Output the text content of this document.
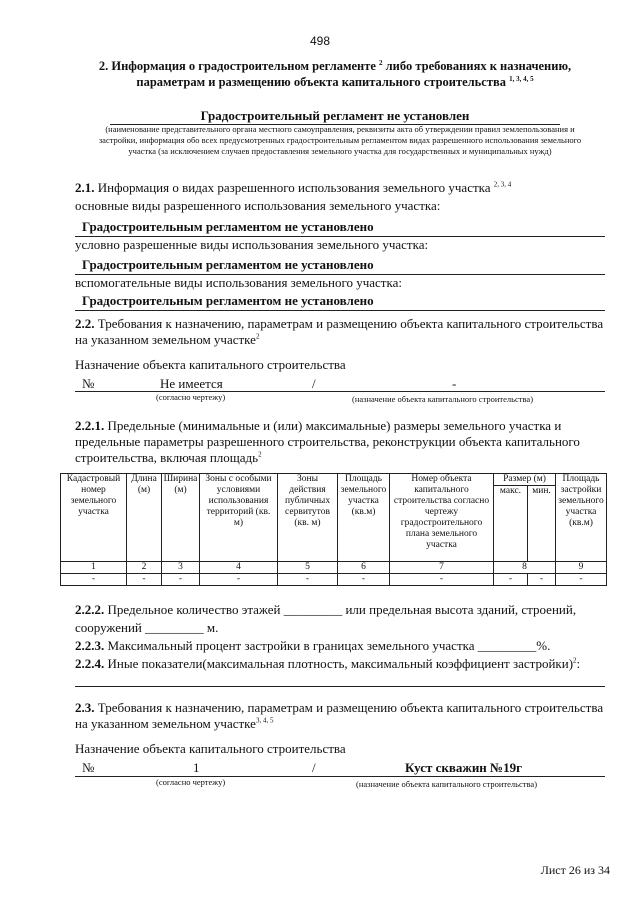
498
2. Информация о градостроительном регламенте $^2$ либо требованиях к назначению, параметрам и размещению объекта капитального строительства $^{1, 3, 4, 5}$
Градостроительный регламент не установлен
(наименование представительного органа местного самоуправления, реквизиты акта об утверждении правил землепользования и застройки, информация обо всех предусмотренных градостроительным регламентом видах разрешенного использования земельного участка (за исключением случаев предоставления земельного участка для государственных и муниципальных нужд)
2.1. Информация о видах разрешенного использования земельного участка $^{2, 3, 4}$
основные виды разрешенного использования земельного участка:
Градостроительным регламентом не установлено
условно разрешенные виды использования земельного участка:
Градостроительным регламентом не установлено
вспомогательные виды использования земельного участка:
Градостроительным регламентом не установлено
2.2. Требования к назначению, параметрам и размещению объекта капитального строительства
на указанном земельном участке$^2$
Назначение объекта капитального строительства
№	Не имеется	/	-
(согласно чертежу)	(назначение объекта капитального строительства)
2.2.1. Предельные (минимальные и (или) максимальные) размеры земельного участка и
предельные параметры разрешенного строительства, реконструкции объекта капитального
строительства, включая площадь$^2$
Кадастровый номер земельного участка	Длина (м)	Ширина (м)	Зоны с особыми условиями использования территорий (кв. м)	Зоны действия публичных сервитутов (кв. м)	Площадь земельного участка (кв.м)	Номер объекта капитального строительства согласно чертежу градостроительного плана земельного участка	Размер (м)		Площадь застройки земельного участка (кв.м)
							макс.	мин.	
1	2	3	4	5	6	7	8		9
-	-	-	-	-	-	-	-	-	-
2.2.2. Предельное количество этажей _________ или предельная высота зданий, строений,
сооружений _________ м.
2.2.3. Максимальный процент застройки в границах земельного участка _________%.
2.2.4. Иные показатели(максимальная плотность, максимальный коэффициент застройки)$^2$:
2.3. Требования к назначению, параметрам и размещению объекта капитального строительства
на указанном земельном участке$^{3, 4, 5}$
Назначение объекта капитального строительства
№	1	/	Куст скважин №19г
(согласно чертежу)	(назначение объекта капитального строительства)
Лист 26 из 34
